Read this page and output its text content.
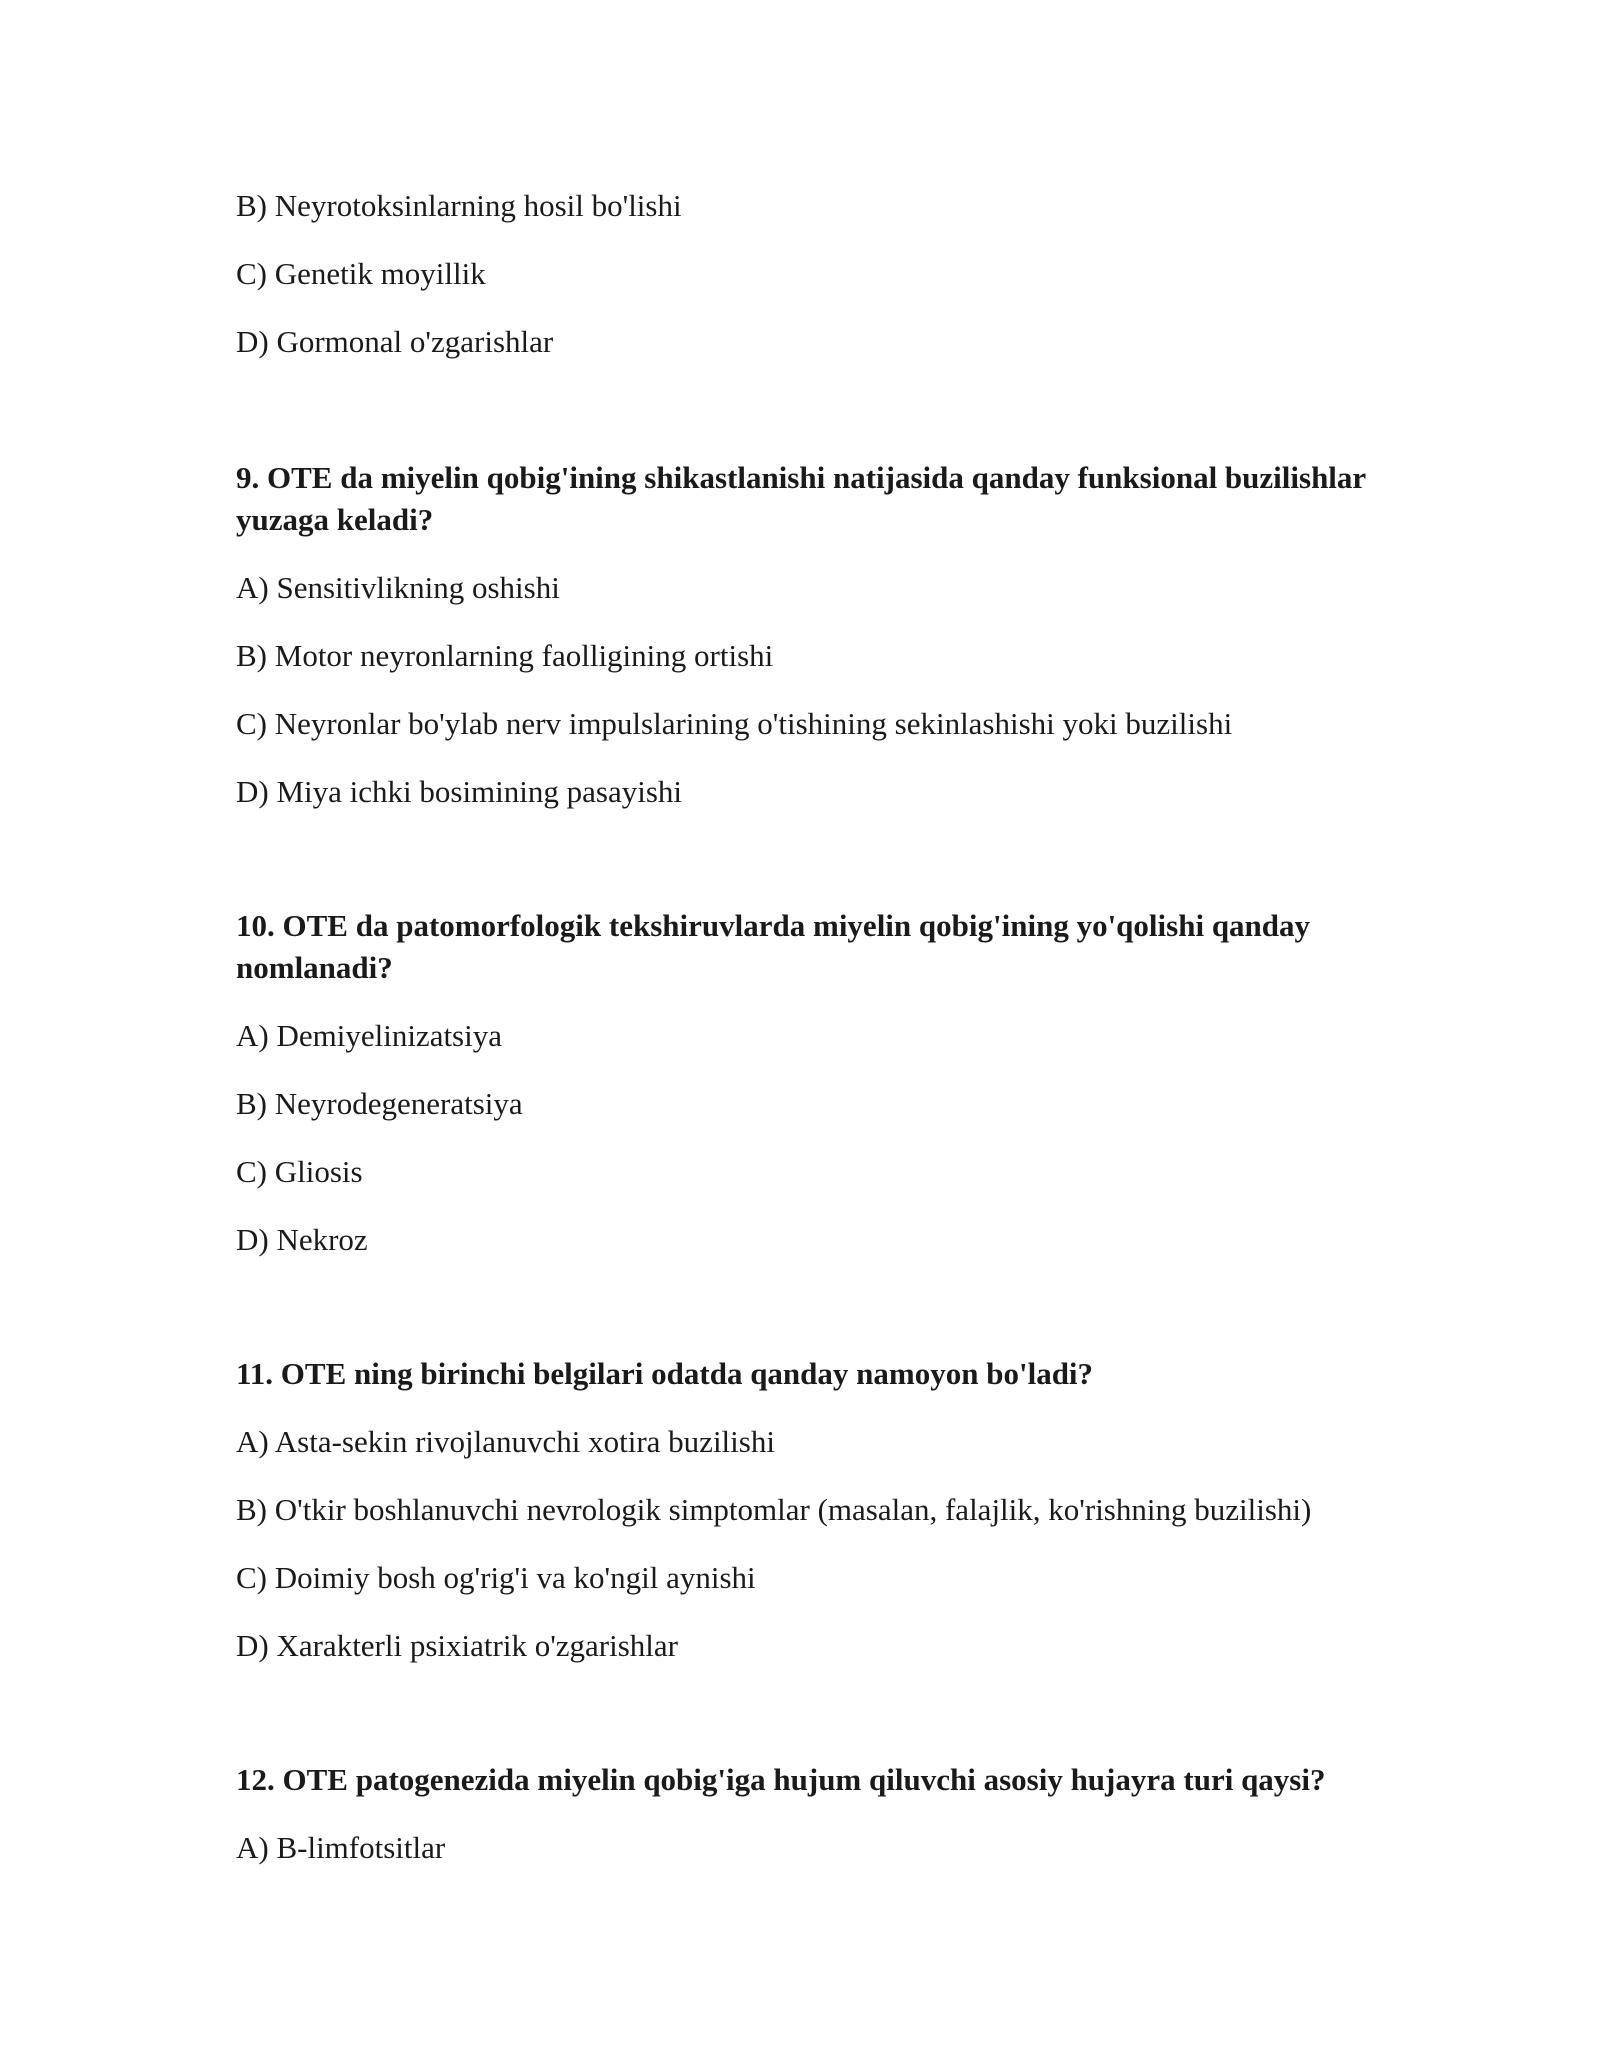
B) Neyrotoksinlarning hosil bo'lishi
C) Genetik moyillik
D) Gormonal o'zgarishlar
9. OTE da miyelin qobig'ining shikastlanishi natijasida qanday funksional buzilishlar yuzaga keladi?
A) Sensitivlikning oshishi
B) Motor neyronlarning faolligining ortishi
C) Neyronlar bo'ylab nerv impulslarining o'tishining sekinlashishi yoki buzilishi
D) Miya ichki bosimining pasayishi
10. OTE da patomorfologik tekshiruvlarda miyelin qobig'ining yo'qolishi qanday nomlanadi?
A) Demiyelinizatsiya
B) Neyrodegeneratsiya
C) Gliosis
D) Nekroz
11. OTE ning birinchi belgilari odatda qanday namoyon bo'ladi?
A) Asta-sekin rivojlanuvchi xotira buzilishi
B) O'tkir boshlanuvchi nevrologik simptomlar (masalan, falajlik, ko'rishning buzilishi)
C) Doimiy bosh og'rig'i va ko'ngil aynishi
D) Xarakterli psixiatrik o'zgarishlar
12. OTE patogenezida miyelin qobig'iga hujum qiluvchi asosiy hujayra turi qaysi?
A) B-limfotsitlar
